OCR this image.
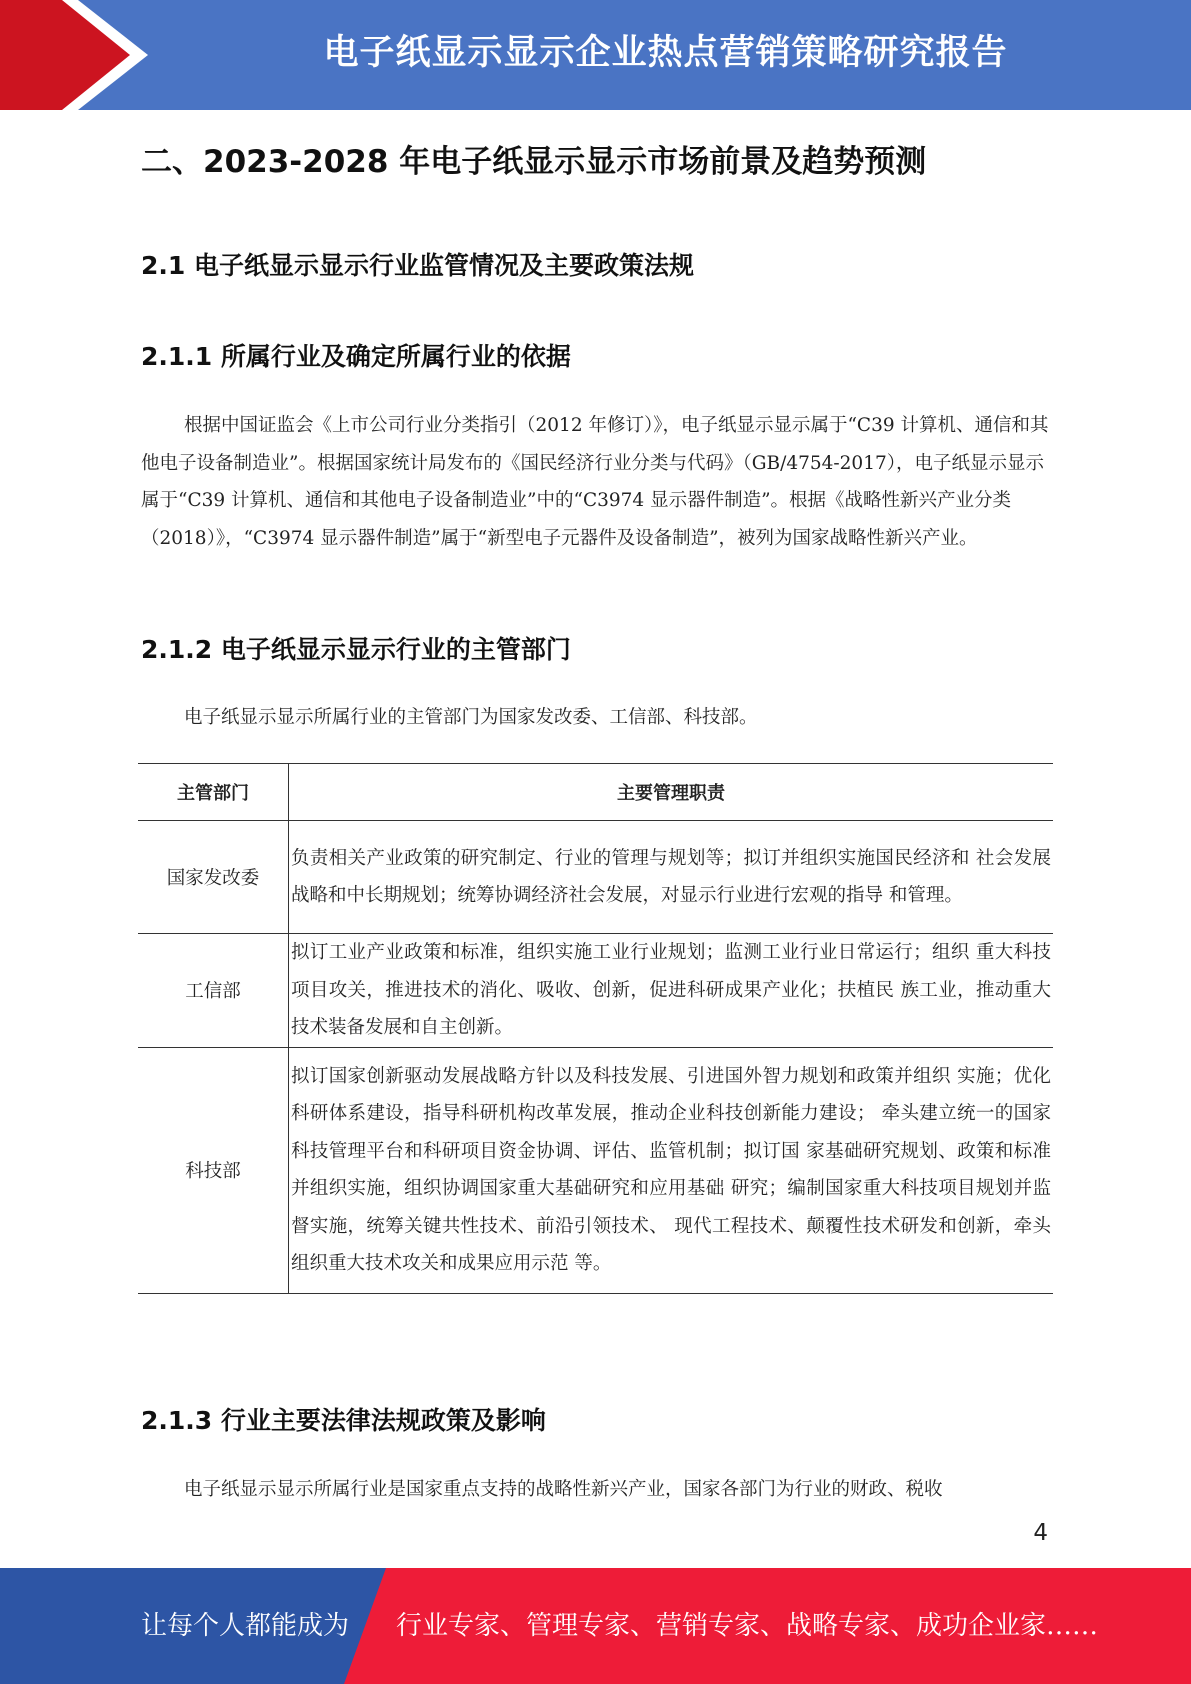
电子纸显示显示企业热点营销策略研究报告
二、2023-2028 年电子纸显示显示市场前景及趋势预测
2.1 电子纸显示显示行业监管情况及主要政策法规
2.1.1 所属行业及确定所属行业的依据

根据中国证监会《上市公司行业分类指引（2012 年修订）》，电子纸显示显示属于“C39 计算机、通信和其他电子设备制造业”。根据国家统计局发布的《国民经济行业分类与代码》（GB/4754-2017），电子纸显示显示属于“C39 计算机、通信和其他电子设备制造业”中的“C3974 显示器件制造”。根据《战略性新兴产业分类（2018）》，“C3974 显示器件制造”属于“新型电子元器件及设备制造”，被列为国家战略性新兴产业。

2.1.2 电子纸显示显示行业的主管部门

电子纸显示显示所属行业的主管部门为国家发改委、工信部、科技部。

主管部门	主要管理职责
国家发改委	负责相关产业政策的研究制定、行业的管理与规划等；拟订并组织实施国民经济和 社会发展战略和中长期规划；统筹协调经济社会发展，对显示行业进行宏观的指导 和管理。
工信部	拟订工业产业政策和标准，组织实施工业行业规划；监测工业行业日常运行；组织 重大科技项目攻关，推进技术的消化、吸收、创新，促进科研成果产业化；扶植民 族工业，推动重大技术装备发展和自主创新。
科技部	拟订国家创新驱动发展战略方针以及科技发展、引进国外智力规划和政策并组织 实施；优化科研体系建设，指导科研机构改革发展，推动企业科技创新能力建设； 牵头建立统一的国家科技管理平台和科研项目资金协调、评估、监管机制；拟订国 家基础研究规划、政策和标准并组织实施，组织协调国家重大基础研究和应用基础 研究；编制国家重大科技项目规划并监督实施，统筹关键共性技术、前沿引领技术、 现代工程技术、颠覆性技术研发和创新，牵头组织重大技术攻关和成果应用示范 等。
2.1.3 行业主要法律法规政策及影响

电子纸显示显示所属行业是国家重点支持的战略性新兴产业，国家各部门为行业的财政、税收

4
让每个人都能成为 行业专家、管理专家、营销专家、战略专家、成功企业家……
